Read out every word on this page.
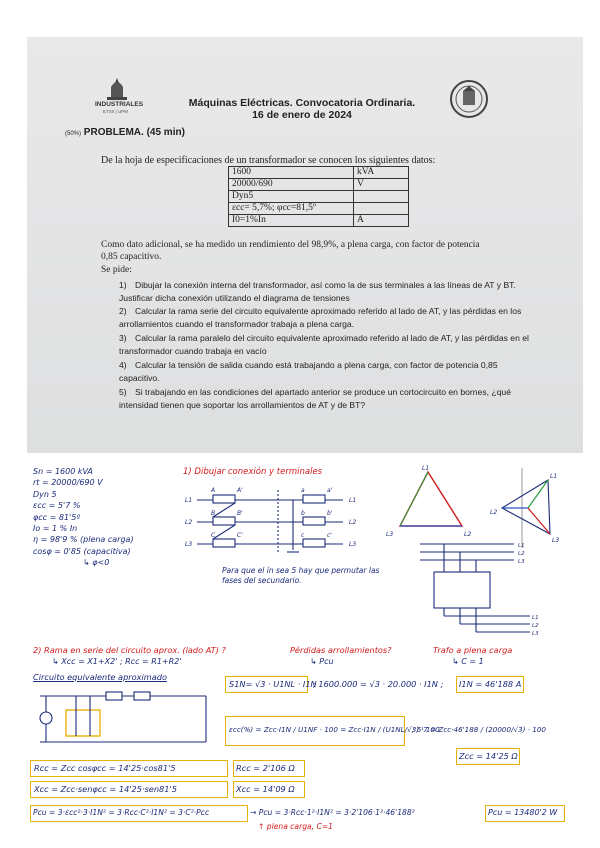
INDUSTRIALES
ETSII | UPM
Máquinas Eléctricas. Convocatoria Ordinaria.
16 de enero de 2024
(50%) PROBLEMA. (45 min)
De la hoja de especificaciones de un transformador se conocen los siguientes datos:
1600	kVA
20000/690	V
Dyn5	
εcc= 5,7%; φcc=81,5º	
I0=1%In	A
Como dato adicional, se ha medido un rendimiento del 98,9%, a plena carga, con factor de potencia 0,85 capacitivo.
Se pide:
1) Dibujar la conexión interna del transformador, así como la de sus terminales a las líneas de AT y BT. Justificar dicha conexión utilizando el diagrama de tensiones
2) Calcular la rama serie del circuito equivalente aproximado referido al lado de AT, y las pérdidas en los arrollamientos cuando el transformador trabaja a plena carga.
3) Calcular la rama paralelo del circuito equivalente aproximado referido al lado de AT, y las pérdidas en el transformador cuando trabaja en vacío
4) Calcular la tensión de salida cuando está trabajando a plena carga, con factor de potencia 0,85 capacitivo.
5) Si trabajando en las condiciones del apartado anterior se produce un cortocircuito en bornes, ¿qué intensidad tienen que soportar los arrollamientos de AT y de BT?
Sn = 1600 kVA
rt = 20000/690 V
Dyn 5
εcc = 5'7 %
φcc = 81'5º
Io = 1 % In
η = 98'9 % (plena carga)
cosφ = 0'85 (capacitiva)
↳ φ<0
1) Dibujar conexión y terminales
L1
L2
L3
L1
L2
L3
A	A'	a	a'
B	B'	b	b'
C	C'	c	c'
Para que el ín sea 5 hay que permutar las fases del secundario.
L1
L3	L2
L1
L2
L3
L1
L2
L3
L1
L2
L3
2) Rama en serie del circuito aprox. (lado AT) ?
↳ Xcc = X1+X2' ; Rcc = R1+R2'
Pérdidas arrollamientos?
↳ Pcu
Trafo a plena carga
↳ C = 1
Circuito equivalente aproximado
S1N= √3 · U1NL · I1N
; 1600.000 = √3 · 20.000 · I1N ; I1N = 46'188 A
εcc(%) = Zcc·I1N / U1NF · 100 = Zcc·I1N / (U1NL/√3) · 100
; 5'7 = Zcc·46'188 / (20000/√3) · 100
Zcc = 14'25 Ω
Rcc = Zcc cosφcc = 14'25·cos81'5	Rcc = 2'106 Ω
Xcc = Zcc·senφcc = 14'25·sen81'5	Xcc = 14'09 Ω
Pcu = 3·εcc²·3·I1N² = 3·Rcc·C²·I1N² = 3·C²·Pcc	→ Pcu = 3·Rcc·1²·I1N² = 3·2'106·1²·46'188²
↑ plena carga, C=1
Pcu = 13480'2 W
